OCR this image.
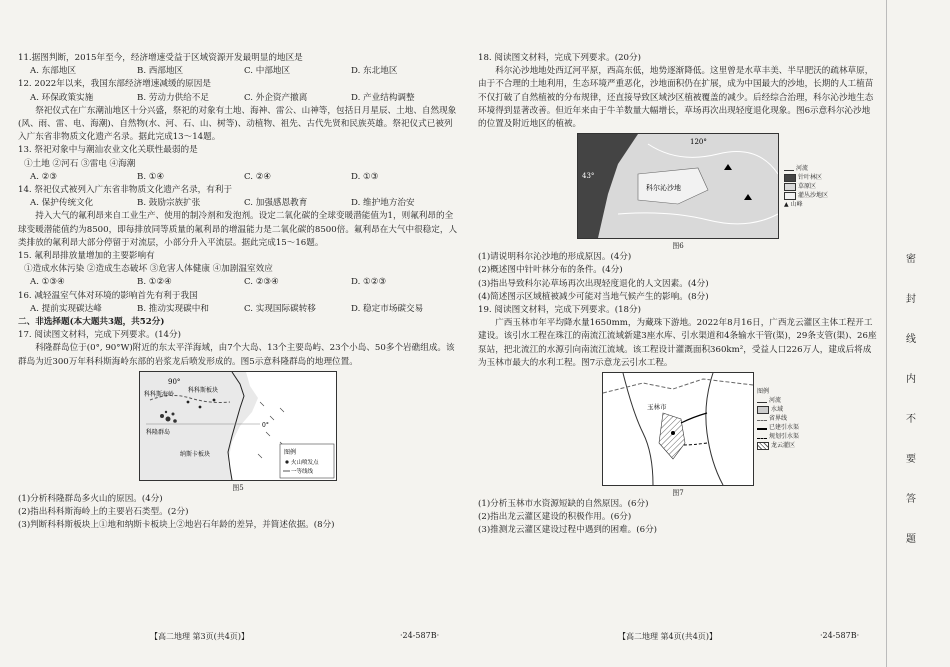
11.据图判断，2015年至今，经济增速受益于区域资源开发最明显的地区是

A. 东部地区	B. 西部地区	C. 中部地区	D. 东北地区

12. 2022年以来，我国东部经济增速减缓的原因是

A. 环保政策实施	B. 劳动力供给不足	C. 外企资产撤离	D. 产业结构调整

祭祀仪式在广东潮汕地区十分兴盛，祭祀的对象有土地、海神、雷公、山神等，包括日月星辰、土地、自然现象(风、雨、雷、电、海潮)、自然物(水、河、石、山、树等)、动植物、祖先、古代先贤和民族英雄。祭祀仪式已被列入广东省非物质文化遗产名录。据此完成13～14题。

13. 祭祀对象中与潮汕农业文化关联性最弱的是

①土地 ②河石 ③雷电 ④海潮

A. ②③	B. ①④	C. ②④	D. ①③

14. 祭祀仪式被列入广东省非物质文化遗产名录，有利于

A. 保护传统文化	B. 鼓励宗族扩张	C. 加强感恩教育	D. 维护地方治安

持入大气的氟利昂来自工业生产、使用的制冷剂和发泡剂。设定二氧化碳的全球变暖潜能值为1，则氟利昂的全球变暖潜能值约为8500，即每排放同等质量的氟利昂的增温能力是二氧化碳的8500倍。氟利昂在大气中很稳定，人类排放的氟利昂大部分停留于对流层，小部分升入平流层。据此完成15～16题。

15. 氟利昂排放量增加的主要影响有

①造成水体污染 ②造成生态破坏 ③危害人体健康 ④加剧温室效应

A. ①③④	B. ①②④	C. ②③④	D. ①②③

16. 减轻温室气体对环境的影响首先有利于我国

A. 提前实现碳达峰	B. 推动实现碳中和	C. 实现国际碳转移	D. 稳定市场碳交易

二、非选择题(本大题共3题，共52分)

17. 阅读图文材料，完成下列要求。(14分)

科隆群岛位于(0°, 90°W)附近的东太平洋海域，由7个大岛、13个主要岛屿、23个小岛、50多个岩礁组成。该群岛为近300万年科科斯海岭东部的岩浆龙后喷发形成的。图5示意科隆群岛的地理位置。

90°
科科斯海岭
科科斯板块
科隆群岛
0°
纳斯卡板块	图例
火山喷发点
一等线线

图5

(1)分析科隆群岛多火山的原因。(4分)

(2)指出科科斯海岭上的主要岩石类型。(2分)

(3)判断科科斯板块上①地和纳斯卡板块上②地岩石年龄的差异，并简述依据。(8分)

18. 阅读图文材料，完成下列要求。(20分)

科尔沁沙地地处西辽河平原，西高东低，地势逐渐降低。这里曾是水草丰美、半早肥沃的疏林草原，由于不合理的土地利用，生态环境严重恶化，沙地面积仍在扩展，成为中国最大的沙地，长期的人工植苗不仅打破了自然植被的分布规律，还直接导致区域沙区植被覆盖的减少。后经综合治理，科尔沁沙地生态环境得到显著改善。但近年来由于牛羊数量大幅增长，草场再次出现轻度退化现象。图6示意科尔沁沙地的位置及附近地区的植被。

120°
43°
科尔沁沙地
河流
针叶林区
草原区
灌丛沙地区
▲ 山峰

图6

(1)请说明科尔沁沙地的形成原因。(4分)

(2)概述图中针叶林分布的条件。(4分)

(3)指出导致科尔沁草场再次出现轻度退化的人文因素。(4分)

(4)简述图示区域植被减少可能对当地气候产生的影响。(8分)

19. 阅读图文材料，完成下列要求。(18分)

广西玉林市年平均降水量1650mm，为藏珠下游地。2022年8月16日，广西龙云灌区主体工程开工建设。该引水工程在珠江的南流江流域新建3座水库、引水渠道和4条输水干管(渠)，29条支管(渠)、26座泵站，把北流江的水源引向南流江流域。该工程设计灌溉面积360km²，受益人口226万人，建成后将成为玉林市最大的水利工程。图7示意龙云引水工程。

玉林市
图例
河流
水域
省界线
已建引水渠
规划引水渠
龙云灌区

图7

(1)分析玉林市水资源短缺的自然原因。(6分)

(2)指出龙云灌区建设的积极作用。(6分)

(3)推测龙云灌区建设过程中遇到的困难。(6分)

【高二地理 第3页(共4页)】	·24-587B·	【高二地理 第4页(共4页)】	·24-587B·
密封线内不要答题
